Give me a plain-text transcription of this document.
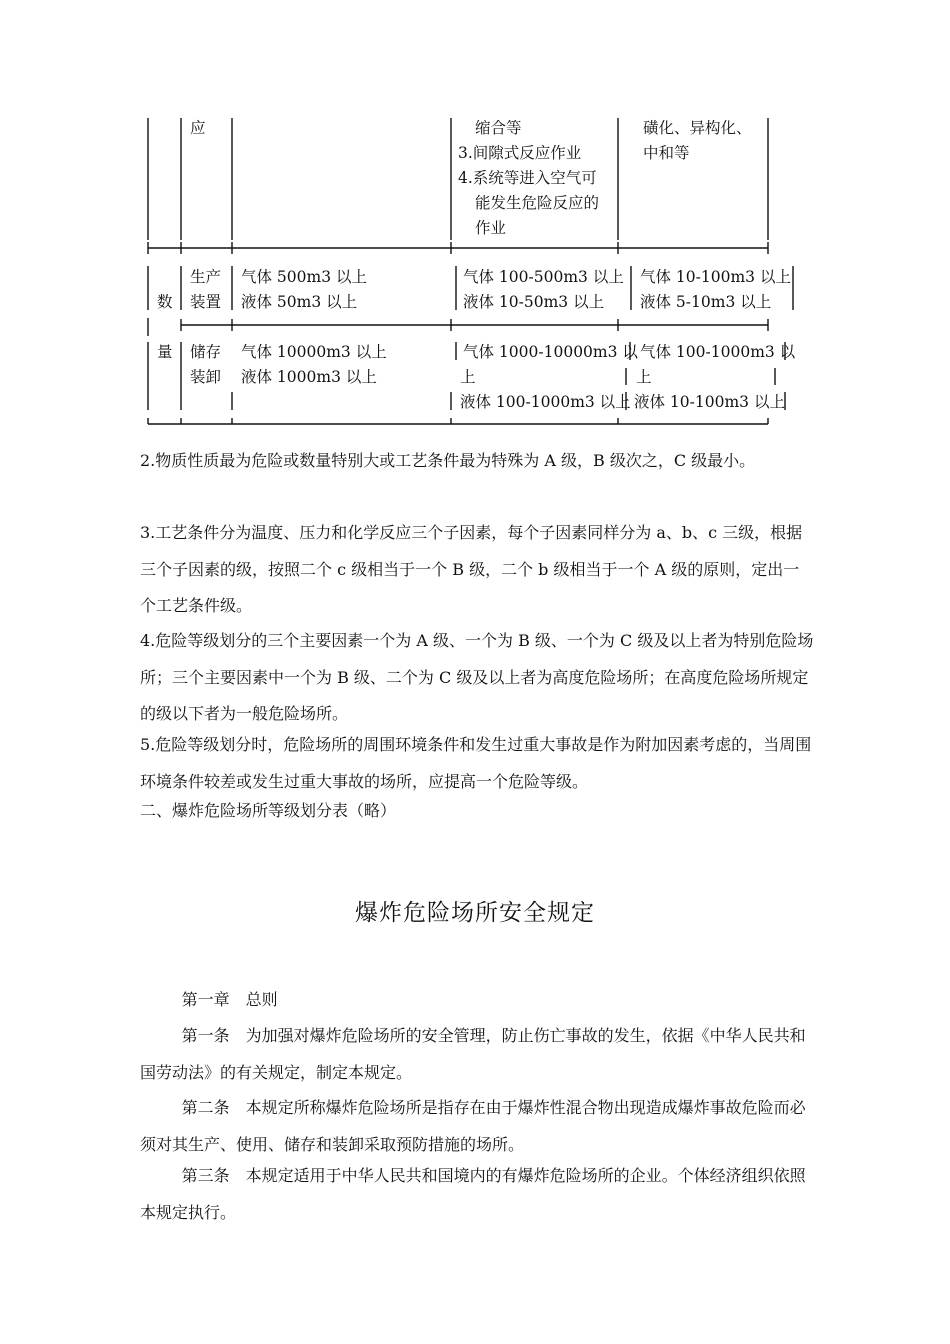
应	缩合等
3.间隙式反应作业
4.系统等进入空气可
能发生危险反应的
作业
磺化、异构化、
中和等
数
量
生产
装置
气体 500m3 以上
液体 50m3 以上
气体 100-500m3 以上
液体 10-50m3 以上
气体 10-100m3 以上
液体 5-10m3 以上
储存
装卸
气体 10000m3 以上
液体 1000m3 以上
气体 1000-10000m3 以
上
液体 100-1000m3 以上
气体 100-1000m3 以
上
液体 10-100m3 以上
2.物质性质最为危险或数量特别大或工艺条件最为特殊为 A 级，B 级次之，C 级最小。
3.工艺条件分为温度、压力和化学反应三个子因素，每个子因素同样分为 a、b、c 三级，根据三个子因素的级，按照二个 c 级相当于一个 B 级，二个 b 级相当于一个 A 级的原则，定出一个工艺条件级。
4.危险等级划分的三个主要因素一个为 A 级、一个为 B 级、一个为 C 级及以上者为特别危险场所；三个主要因素中一个为 B 级、二个为 C 级及以上者为高度危险场所；在高度危险场所规定的级以下者为一般危险场所。
5.危险等级划分时，危险场所的周围环境条件和发生过重大事故是作为附加因素考虑的，当周围环境条件较差或发生过重大事故的场所，应提高一个危险等级。
二、爆炸危险场所等级划分表（略）
爆炸危险场所安全规定
第一章　总则
第一条　为加强对爆炸危险场所的安全管理，防止伤亡事故的发生，依据《中华人民共和国劳动法》的有关规定，制定本规定。
第二条　本规定所称爆炸危险场所是指存在由于爆炸性混合物出现造成爆炸事故危险而必须对其生产、使用、储存和装卸采取预防措施的场所。
第三条　本规定适用于中华人民共和国境内的有爆炸危险场所的企业。个体经济组织依照本规定执行。
